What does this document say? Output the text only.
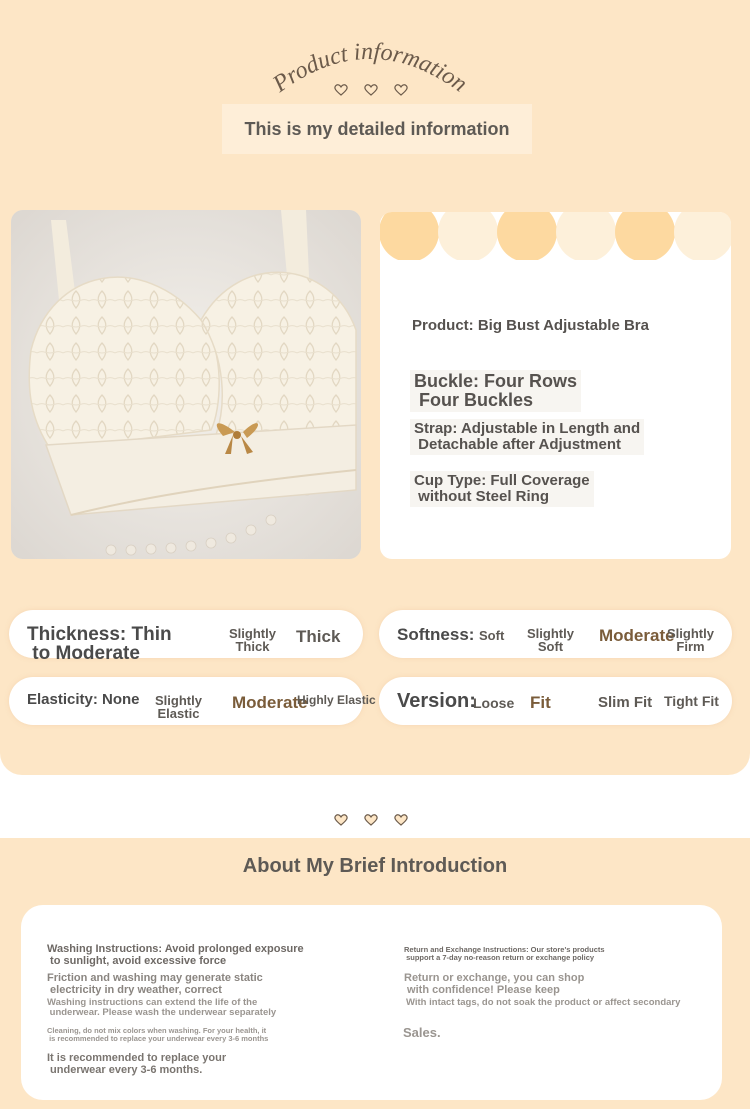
Product information
This is my detailed information
Product: Big Bust Adjustable Bra
Buckle: Four Rows
Four Buckles
Strap: Adjustable in Length and
Detachable after Adjustment
Cup Type: Full Coverage
without Steel Ring
Thickness: Thin
to Moderate
Slightly
Thick
Thick	Softness: Soft Slightly
Soft
Moderate
Slightly
Firm
Elasticity: None Slightly
Elastic
Moderate
Highly Elastic Version:
Loose Fit	Slim Fit Tight Fit
About My Brief Introduction
Washing Instructions: Avoid prolonged exposure
to sunlight, avoid excessive force
Friction and washing may generate static
electricity in dry weather, correct
Washing instructions can extend the life of the
underwear. Please wash the underwear separately
Cleaning, do not mix colors when washing. For your health, it
is recommended to replace your underwear every 3-6 months
It is recommended to replace your
underwear every 3-6 months.
Return and Exchange Instructions: Our store's products
support a 7-day no-reason return or exchange policy
Return or exchange, you can shop
with confidence! Please keep
With intact tags, do not soak the product or affect secondary
Sales.
